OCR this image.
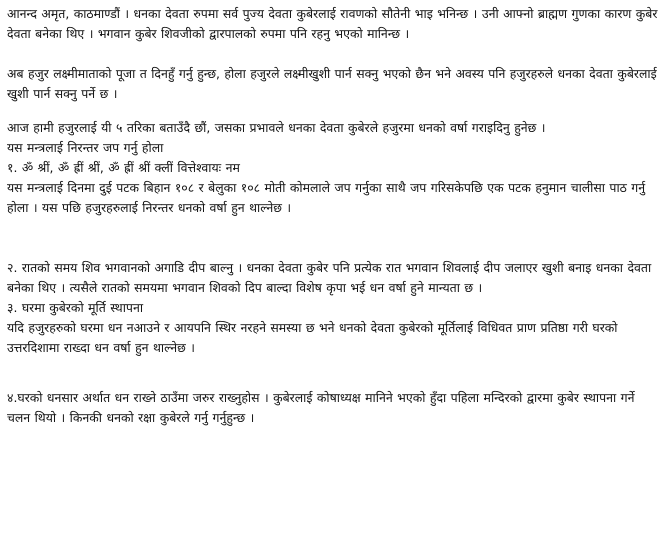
आनन्द अमृत, काठमाण्डौं । धनका देवता रुपमा सर्व पुज्य देवता कुबेरलाई रावणको सौतेनी भाइ भनिन्छ । उनी आफ्नो ब्राह्मण गुणका कारण कुबेर देवता बनेका थिए । भगवान कुबेर शिवजीको द्वारपालको रुपमा पनि रहनु भएको मानिन्छ ।

अब हजुर लक्ष्मीमाताको पूजा त दिनहुँ गर्नु हुन्छ, होला हजुरले लक्ष्मीखुशी पार्न सक्नु भएको छैन भने अवस्य पनि हजुरहरुले धनका देवता कुबेरलाई खुशी पार्न सक्नु पर्ने छ ।

आज हामी हजुरलाई यी ५ तरिका बताउँदै छौं, जसका प्रभावले धनका देवता कुबेरले हजुरमा धनको वर्षा गराइदिनु हुनेछ ।

यस मन्त्रलाई निरन्तर जप गर्नु होला

१. ॐ श्रीं, ॐ ह्रीं श्रीं, ॐ ह्रीं श्रीं क्लीं वित्तेश्वायः नम

यस मन्त्रलाई दिनमा दुई पटक बिहान १०८ र बेलुका १०८ मोती कोमलाले जप गर्नुका साथै जप गरिसकेपछि एक पटक हनुमान चालीसा पाठ गर्नु होला । यस पछि हजुरहरुलाई निरन्तर धनको वर्षा हुन थाल्नेछ ।

२. रातको समय शिव भगवानको अगाडि दीप बाल्नु । धनका देवता कुबेर पनि प्रत्येक रात भगवान शिवलाई दीप जलाएर खुशी बनाइ धनका देवता बनेका थिए । त्यसैले रातको समयमा भगवान शिवको दिप बाल्दा विशेष कृपा भई धन वर्षा हुने मान्यता छ ।

३. घरमा कुबेरको मूर्ति स्थापना

यदि हजुरहरुको घरमा धन नआउने र आयपनि स्थिर नरहने समस्या छ भने धनको देवता कुबेरको मूर्तिलाई विधिवत प्राण प्रतिष्ठा गरी घरको उत्तरदिशामा राख्दा धन वर्षा हुन थाल्नेछ ।

४.घरको धनसार अर्थात धन राख्ने ठाउँमा जरुर राख्नुहोस । कुबेरलाई कोषाध्यक्ष मानिने भएको हुँदा पहिला मन्दिरको द्वारमा कुबेर स्थापना गर्ने चलन थियो । किनकी धनको रक्षा कुबेरले गर्नु गर्नुहुन्छ ।
